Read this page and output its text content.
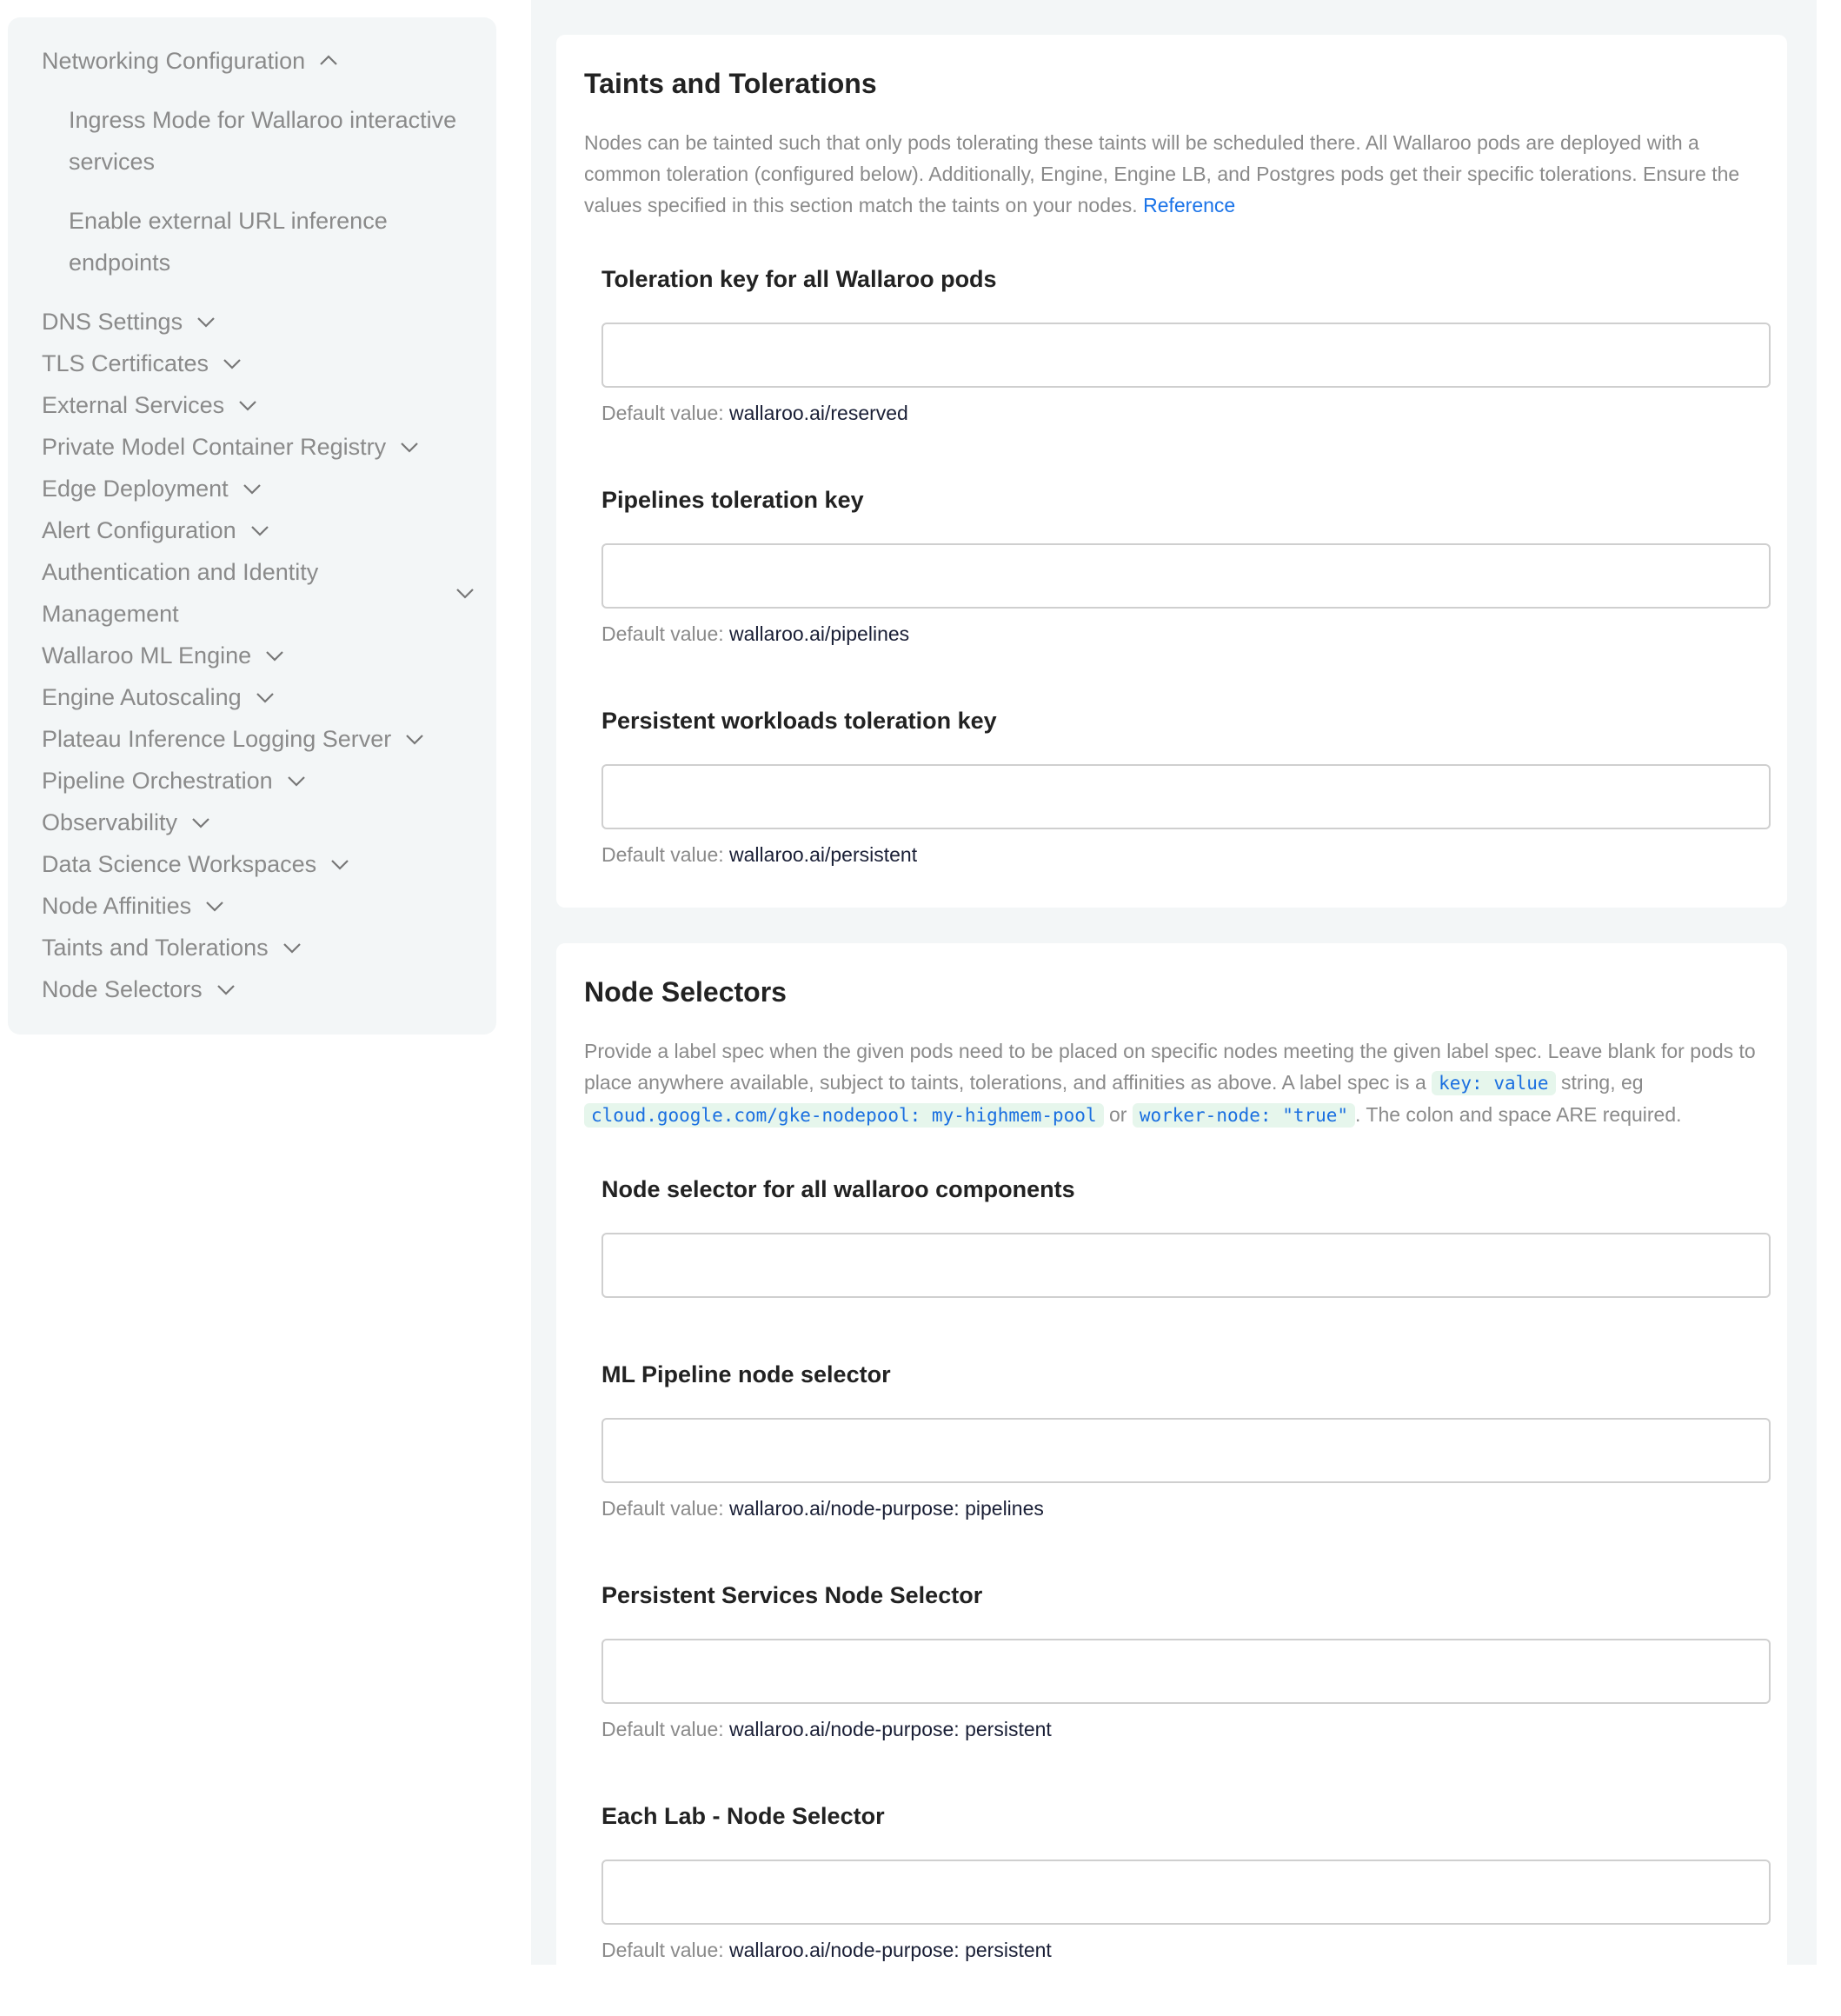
Networking Configuration
Ingress Mode for Wallaroo interactive services
Enable external URL inference endpoints
DNS Settings
TLS Certificates
External Services
Private Model Container Registry
Edge Deployment
Alert Configuration
Authentication and Identity Management
Wallaroo ML Engine
Engine Autoscaling
Plateau Inference Logging Server
Pipeline Orchestration
Observability
Data Science Workspaces
Node Affinities
Taints and Tolerations
Node Selectors
Taints and Tolerations
Nodes can be tainted such that only pods tolerating these taints will be scheduled there. All Wallaroo pods are deployed with a common toleration (configured below). Additionally, Engine, Engine LB, and Postgres pods get their specific tolerations. Ensure the values specified in this section match the taints on your nodes. Reference
Toleration key for all Wallaroo pods
Default value: wallaroo.ai/reserved
Pipelines toleration key
Default value: wallaroo.ai/pipelines
Persistent workloads toleration key
Default value: wallaroo.ai/persistent
Node Selectors
Provide a label spec when the given pods need to be placed on specific nodes meeting the given label spec. Leave blank for pods to place anywhere available, subject to taints, tolerations, and affinities as above. A label spec is a key: value string, eg cloud.google.com/gke-nodepool: my-highmem-pool or worker-node: "true" . The colon and space ARE required.
Node selector for all wallaroo components
ML Pipeline node selector
Default value: wallaroo.ai/node-purpose: pipelines
Persistent Services Node Selector
Default value: wallaroo.ai/node-purpose: persistent
Each Lab - Node Selector
Default value: wallaroo.ai/node-purpose: persistent
